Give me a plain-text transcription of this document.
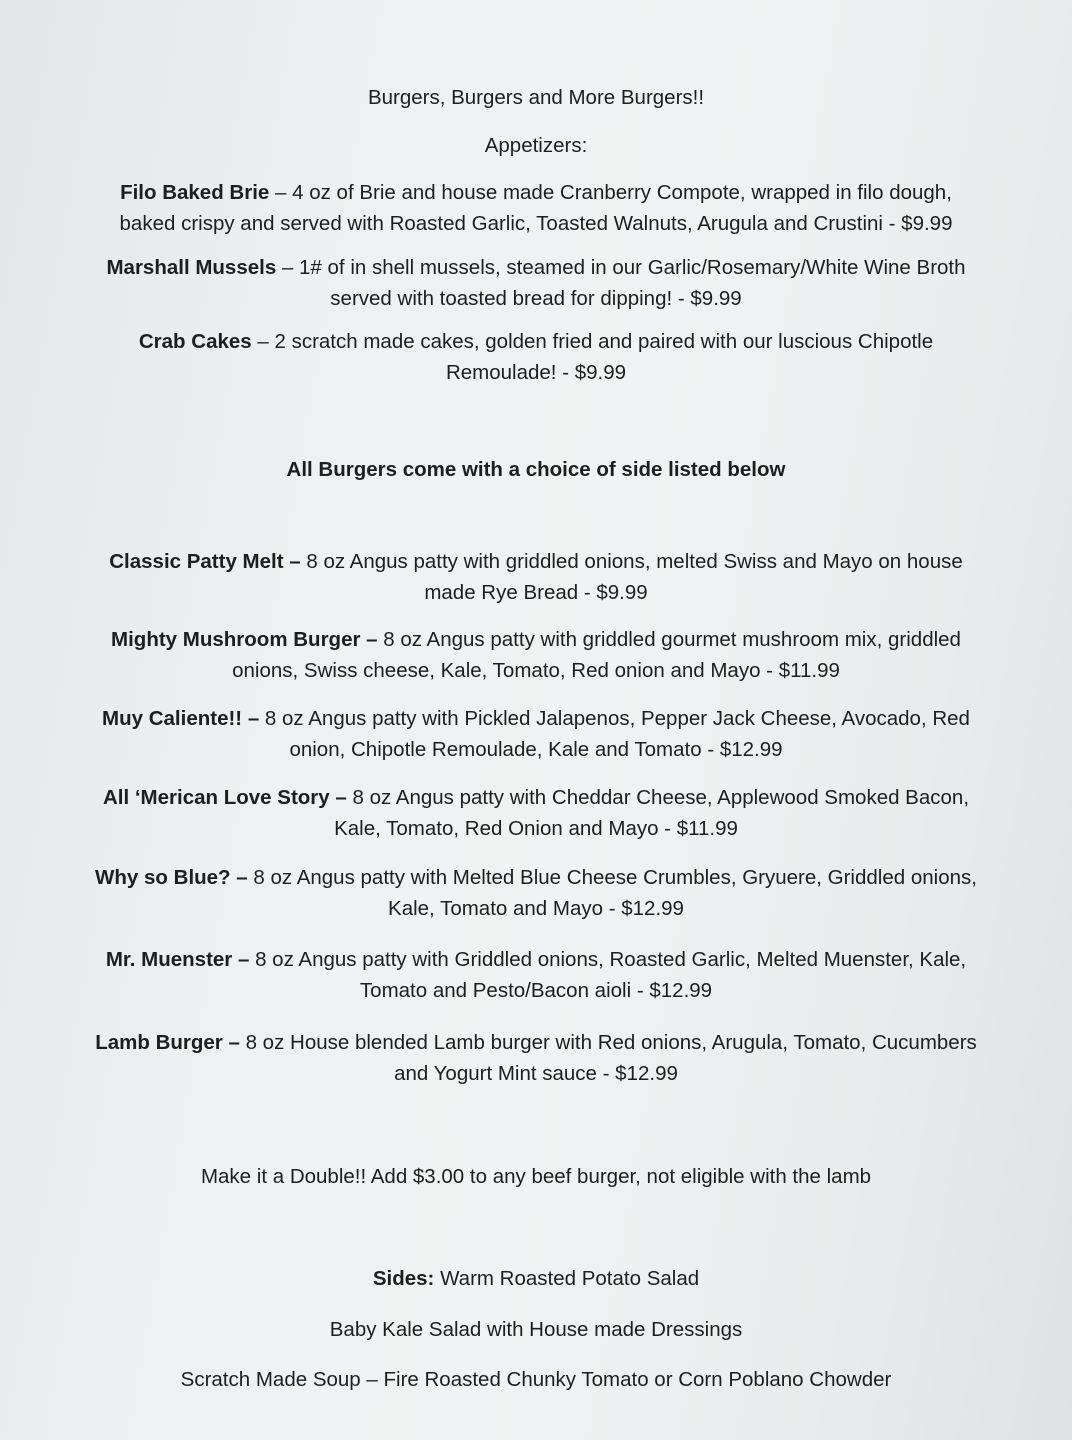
Burgers, Burgers and More Burgers!!
Appetizers:

Filo Baked Brie – 4 oz of Brie and house made Cranberry Compote, wrapped in filo dough,

baked crispy and served with Roasted Garlic, Toasted Walnuts, Arugula and Crustini - $9.99

Marshall Mussels – 1# of in shell mussels, steamed in our Garlic/Rosemary/White Wine Broth

served with toasted bread for dipping! - $9.99

Crab Cakes – 2 scratch made cakes, golden fried and paired with our luscious Chipotle

Remoulade! - $9.99

All Burgers come with a choice of side listed below

Classic Patty Melt – 8 oz Angus patty with griddled onions, melted Swiss and Mayo on house

made Rye Bread - $9.99

Mighty Mushroom Burger – 8 oz Angus patty with griddled gourmet mushroom mix, griddled

onions, Swiss cheese, Kale, Tomato, Red onion and Mayo - $11.99

Muy Caliente!! – 8 oz Angus patty with Pickled Jalapenos, Pepper Jack Cheese, Avocado, Red

onion, Chipotle Remoulade, Kale and Tomato - $12.99

All ‘Merican Love Story – 8 oz Angus patty with Cheddar Cheese, Applewood Smoked Bacon,

Kale, Tomato, Red Onion and Mayo - $11.99

Why so Blue? – 8 oz Angus patty with Melted Blue Cheese Crumbles, Gryuere, Griddled onions,

Kale, Tomato and Mayo - $12.99

Mr. Muenster – 8 oz Angus patty with Griddled onions, Roasted Garlic, Melted Muenster, Kale,

Tomato and Pesto/Bacon aioli - $12.99

Lamb Burger – 8 oz House blended Lamb burger with Red onions, Arugula, Tomato, Cucumbers

and Yogurt Mint sauce - $12.99

Make it a Double!! Add $3.00 to any beef burger, not eligible with the lamb
Sides: Warm Roasted Potato Salad
Baby Kale Salad with House made Dressings
Scratch Made Soup – Fire Roasted Chunky Tomato or Corn Poblano Chowder
